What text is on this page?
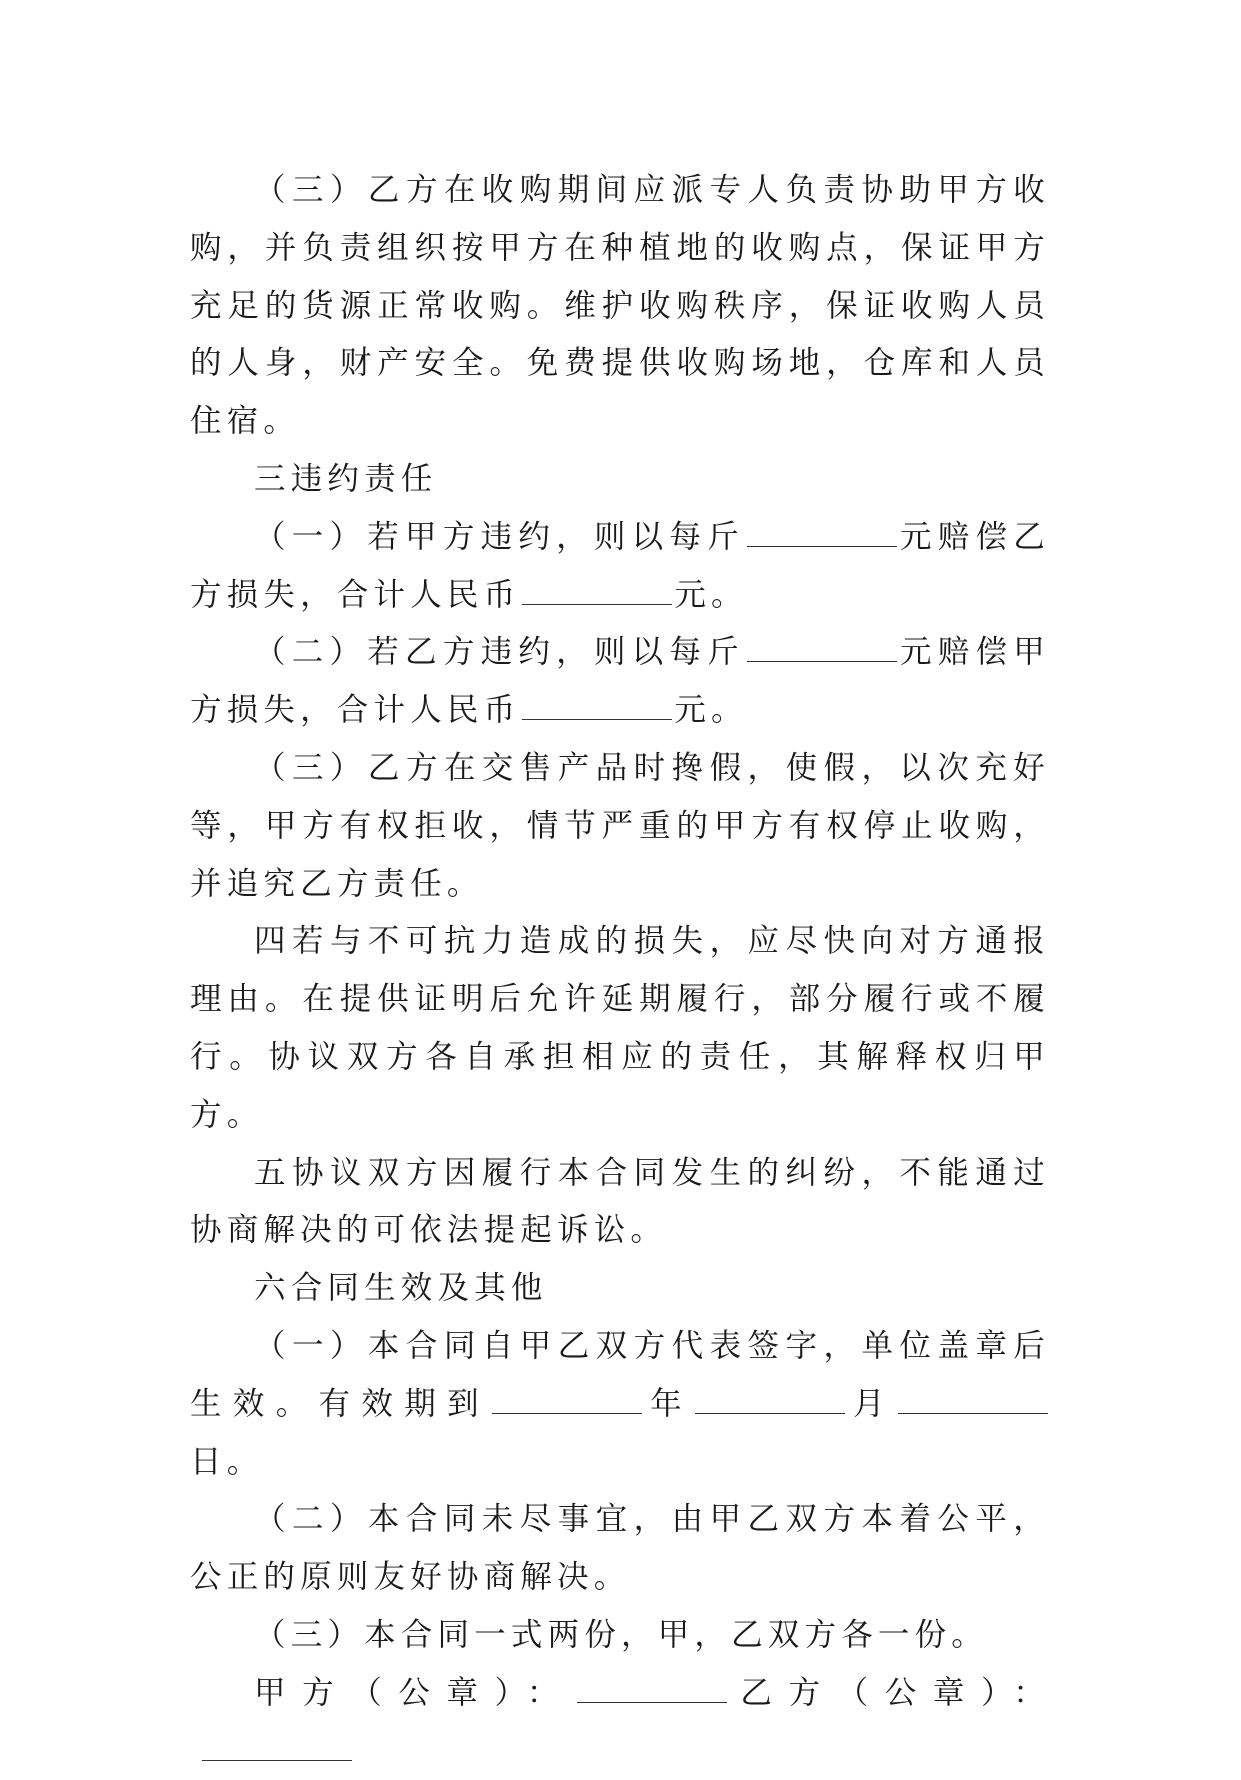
（三）乙方在收购期间应派专人负责协助甲方收购，并负责组织按甲方在种植地的收购点，保证甲方充足的货源正常收购。维护收购秩序，保证收购人员的人身，财产安全。免费提供收购场地，仓库和人员住宿。

三违约责任

（一）若甲方违约，则以每斤	元赔偿乙方损失，合计人民币	元。

（二）若乙方违约，则以每斤	元赔偿甲方损失，合计人民币	元。

（三）乙方在交售产品时搀假，使假，以次充好等，甲方有权拒收，情节严重的甲方有权停止收购，并追究乙方责任。

四若与不可抗力造成的损失，应尽快向对方通报理由。在提供证明后允许延期履行，部分履行或不履行。协议双方各自承担相应的责任，其解释权归甲方。

五协议双方因履行本合同发生的纠纷，不能通过协商解决的可依法提起诉讼。

六合同生效及其他

（一）本合同自甲乙双方代表签字，单位盖章后生效。有效期到	年	月日。

（二）本合同未尽事宜，由甲乙双方本着公平，公正的原则友好协商解决。

（三）本合同一式两份，甲，乙双方各一份。

甲方（公章）：	乙方（公章）：
